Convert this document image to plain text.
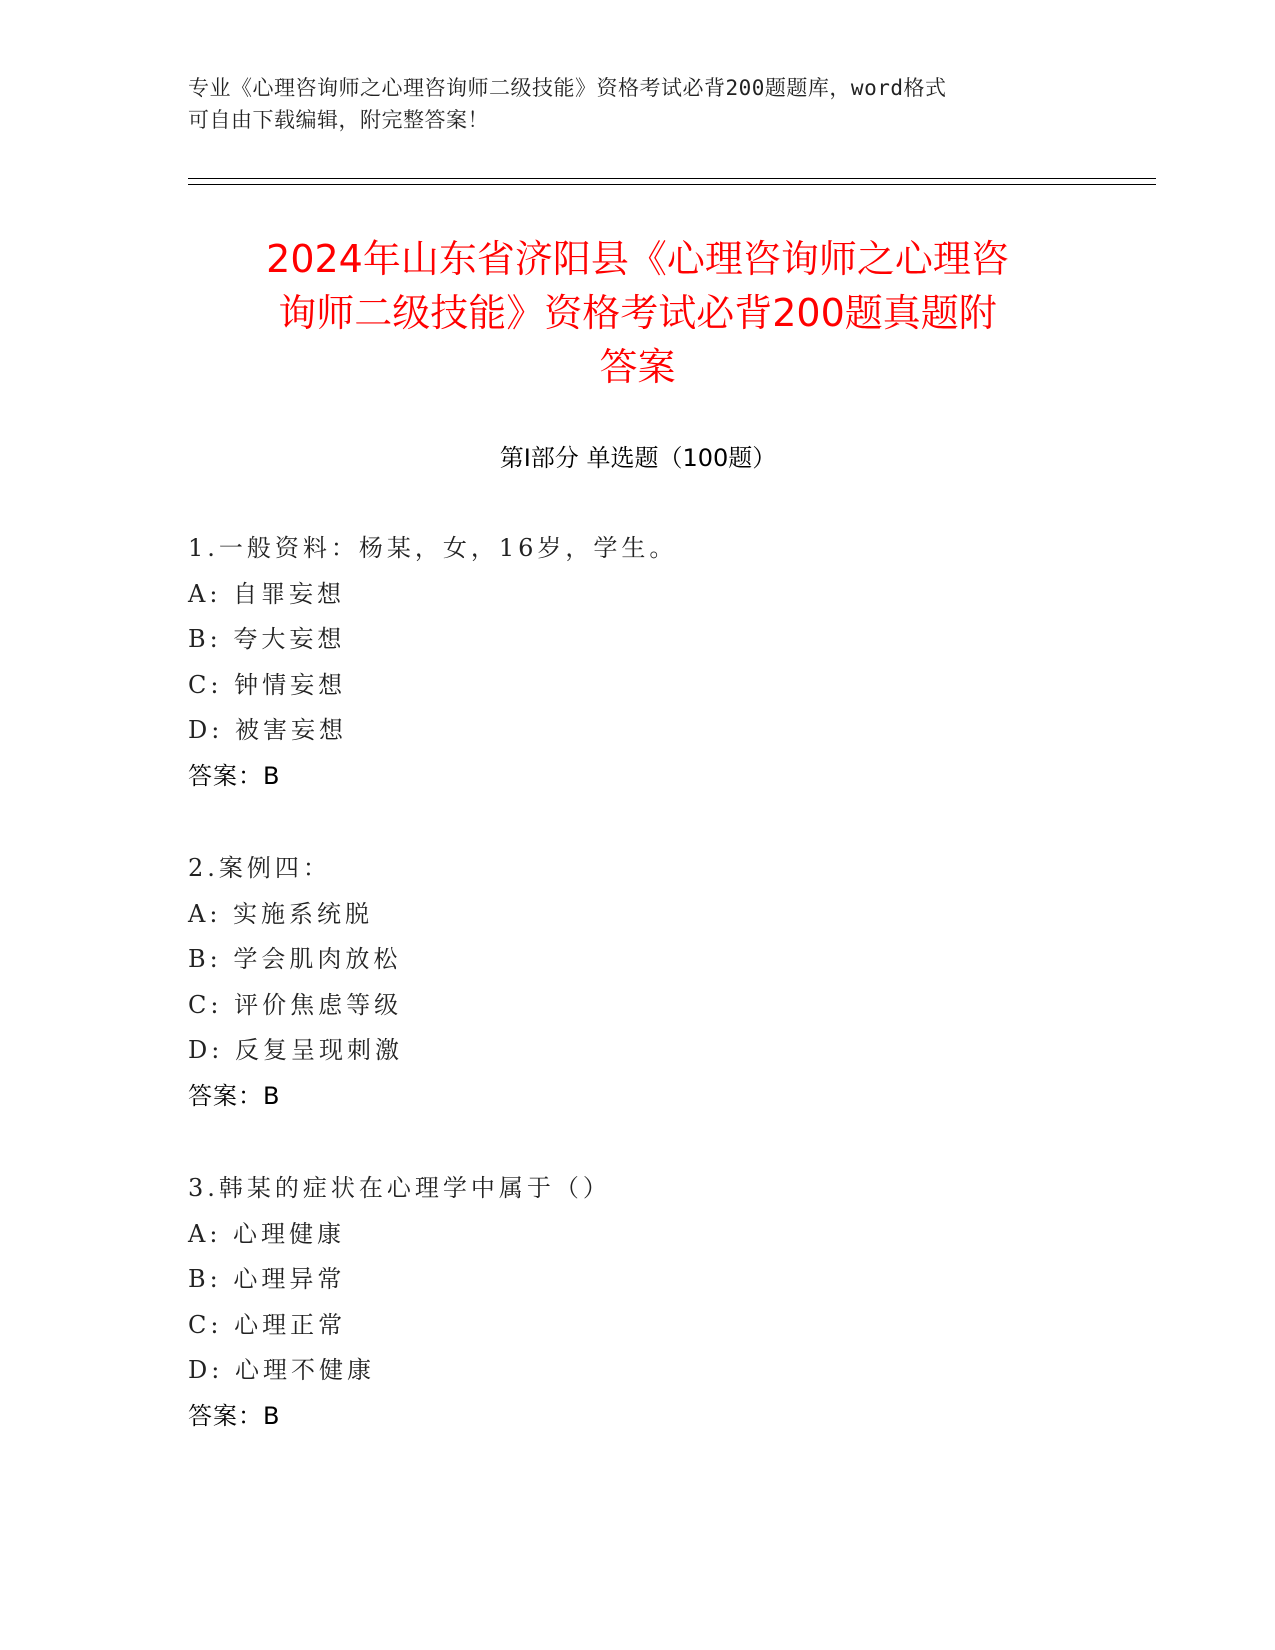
专业《心理咨询师之心理咨询师二级技能》资格考试必背200题题库，word格式
可自由下载编辑，附完整答案！
2024年山东省济阳县《心理咨询师之心理咨
询师二级技能》资格考试必背200题真题附
答案
第Ⅰ部分 单选题（100题）
1.一般资料：杨某，女，16岁，学生。
A: 自罪妄想
B: 夸大妄想
C: 钟情妄想
D: 被害妄想
答案：B
2.案例四：
A: 实施系统脱
B: 学会肌肉放松
C: 评价焦虑等级
D: 反复呈现刺激
答案：B
3.韩某的症状在心理学中属于（）
A: 心理健康
B: 心理异常
C: 心理正常
D: 心理不健康
答案：B
